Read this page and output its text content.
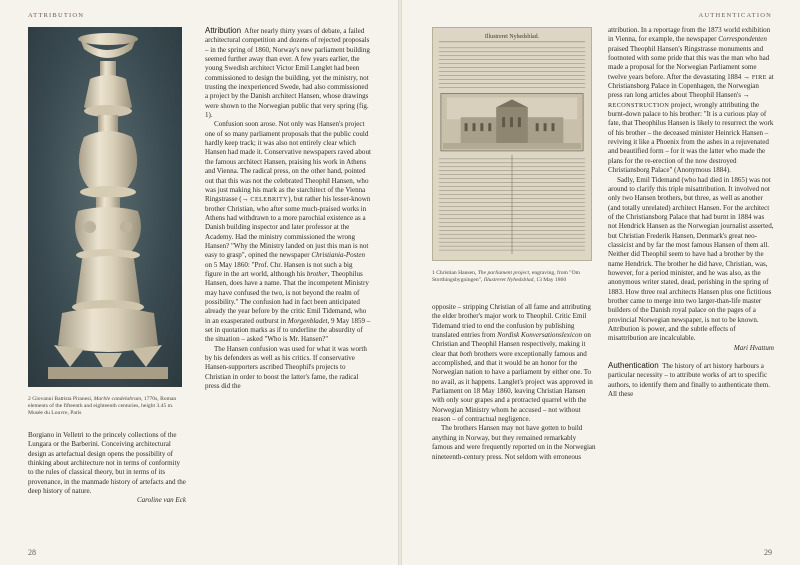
ATTRIBUTION
2 Giovanni Battista Piranesi, Marble candelabrum, 1770s, Roman elements of the fifteenth and eighteenth centuries, height 3.45 m. Musée du Louvre, Paris

Borgiano in Velletri to the princely collections of the Lungara or the Barberini. Conceiving architectural design as artefactual design opens the possibility of thinking about architecture not in terms of conformity to the rules of classical theory, but in terms of its provenance, in the manmade history of artefacts and the deep history of nature.

Caroline van Eck

Attribution After nearly thirty years of debate, a failed architectural competition and dozens of rejected proposals – in the spring of 1860, Norway's new parliament building seemed further away than ever. A few years earlier, the young Swedish architect Victor Emil Langlet had been commissioned to design the building, yet the ministry, not trusting the inexperienced Swede, had also commissioned a project by the Danish architect Hansen, whose drawings were shown to the Norwegian public that very spring (fig. 1).

Confusion soon arose. Not only was Hansen's project one of so many parliament proposals that the public could hardly keep track; it was also not entirely clear which Hansen had made it. Conservative newspapers raved about the famous architect Hansen, praising his work in Athens and Vienna. The radical press, on the other hand, pointed out that this was not the celebrated Theophil Hansen, who was just making his mark as the starchitect of the Vienna Ringstrasse (→ CELEBRITY), but rather his lesser-known brother Christian, who after some much-praised works in Athens had withdrawn to a more parochial existence as a Danish building inspector and later professor at the Academy. Had the ministry commissioned the wrong Hansen? "Why the Ministry landed on just this man is not easy to grasp", opined the newspaper Christiania-Posten on 5 May 1860: "Prof. Chr. Hansen is not such a big figure in the art world, although his brother, Theophilus Hansen, does have a name. That the incompetent Ministry may have confused the two, is not beyond the realm of possibility." The confusion had in fact been anticipated already the year before by the critic Emil Tidemand, who in an exasperated outburst in Morgenbladet, 9 May 1859 – set in quotation marks as if to underline the absurdity of the situation – asked "Who is Mr. Hansen?"

The Hansen confusion was used for what it was worth by his defenders as well as his critics. If conservative Hansen-supporters ascribed Theophil's projects to Christian in order to boost the latter's fame, the radical press did the

28
AUTHENTICATION
29
Illustreret Nyhedsblad.
1 Christian Hansen, The parliament project, engraving, from "Om Storthingsbygningen", Illustreret Nyhedsblad, 13 May 1860

opposite – stripping Christian of all fame and attributing the elder brother's major work to Theophil. Critic Emil Tidemand tried to end the confusion by publishing translated entries from Nordisk Konversationslexicon on Christian and Theophil Hansen respectively, making it clear that both brothers were exceptionally famous and accomplished, and that it would be an honor for the Norwegian nation to have a parliament by either one. To no avail, as it happens. Langlet's project was approved in Parliament on 18 May 1860, leaving Christian Hansen with only sour grapes and a protracted quarrel with the Norwegian Ministry whom he accused – not without reason – of contractual negligence.

The brothers Hansen may not have gotten to build anything in Norway, but they remained remarkably famous and were frequently reported on in the Norwegian nineteenth-century press. Not seldom with erroneous

attribution. In a reportage from the 1873 world exhibition in Vienna, for example, the newspaper Correspondenten praised Theophil Hansen's Ringstrasse monuments and footnoted with some pride that this was the man who had made a proposal for the Norwegian Parliament some twelve years before. After the devastating 1884 → FIRE at Christiansborg Palace in Copenhagen, the Norwegian press ran long articles about Theophil Hansen's → RECONSTRUCTION project, wrongly attributing the burnt-down palace to his brother: "It is a curious play of fate, that Theophilus Hansen is likely to resurrect the work of his brother – the deceased minister Heinrick Hansen – reviving it like a Phoenix from the ashes in a rejuvenated and beautified form – for it was the latter who made the plans for the re-erection of the now destroyed Christiansborg Palace" (Anonymous 1884).

Sadly, Emil Tidemand (who had died in 1865) was not around to clarify this triple misattribution. It involved not only two Hansen brothers, but three, as well as another (and totally unrelated) architect Hansen. For the architect of the Christiansborg Palace that had burnt in 1884 was not Hendrick Hansen as the Norwegian journalist asserted, but Christian Frederik Hansen, Denmark's great neo-classicist and by far the most famous Hansen of them all. Neither did Theophil seem to have had a brother by the name Hendrick. The brother he did have, Christian, was, however, for a period minister, and he was also, as the anonymous writer stated, dead, perishing in the spring of 1883. How three real architects Hansen plus one fictitious brother came to merge into two larger-than-life master builders of the Danish royal palace on the pages of a provincial Norwegian newspaper, is not to be known. Attribution is power, and the subtle effects of misattribution are incalculable.

Mari Hvattum

Authentication The history of art history harbours a particular necessity – to attribute works of art to specific authors, to identify them and finally to authenticate them. All these
